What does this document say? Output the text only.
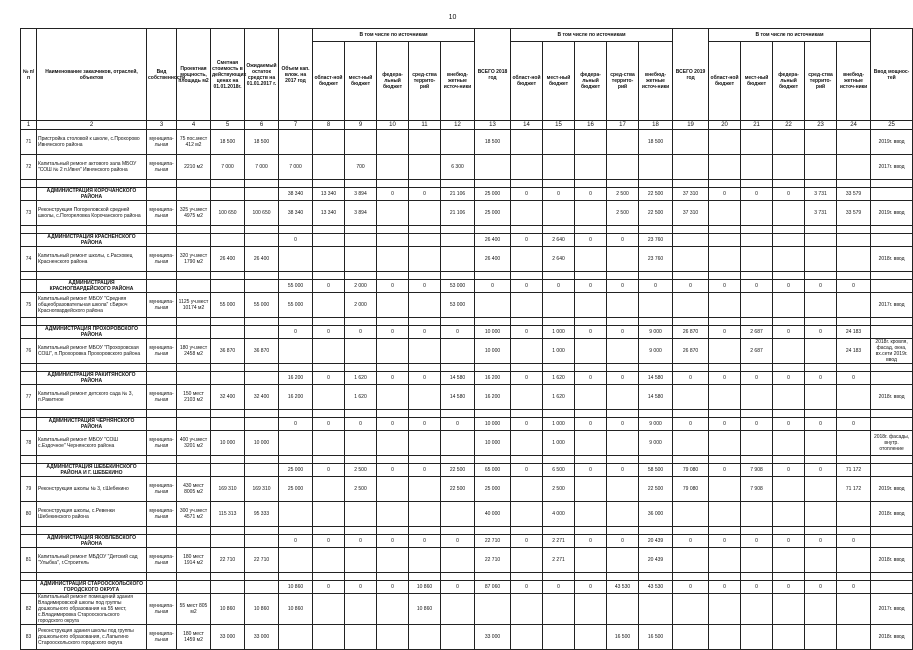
10
№ п/п	Наименование заказчиков, отраслей, объектов	Вид собственности	Проектная мощность, площадь м2	Сметная стоимость в действующих ценах на 01.01.2018г.	Ожидаемый остаток средств на 01.01.2017 г.	Объем кап. влож. на 2017 год	В том числе по источникам					ВСЕГО 2018 год	В том числе по источникам					ВСЕГО 2019 год	В том числе по источникам					Ввод мощнос-тей
							област-ной бюджет	мест-ный бюджет	федера-льный бюджет	сред-ства террито-рий	внебюд-жетные источ-ники		област-ной бюджет	мест-ный бюджет	федера-льный бюджет	сред-ства террито-рий	внебюд-жетные источ-ники		област-ной бюджет	мест-ный бюджет	федера-льный бюджет	сред-ства террито-рий	внебюд-жетные источ-ники	
1	2	3	4	5	6	7	8	9	10	11	12	13	14	15	16	17	18	19	20	21	22	23	24	25
71	Пристройка столовой к школе, с.Прохорово Ивнянского района	муниципа-льная	75 пос.мест 412 м2	18 500	18 500							18 500					18 500							2019г. ввод
72	Капитальный ремонт актового зала МБОУ "СОШ № 2 п.Ивня" Ивнянского района	муниципа-льная	2210 м2	7 000	7 000	7 000		700			6 300													2017г. ввод

	АДМИНИСТРАЦИЯ КОРОЧАНСКОГО РАЙОНА					38 340	13 340	3 894	0	0	21 106	25 000	0	0	0	2 500	22 500	37 310	0	0	0	3 731	33 579	
73	Реконструкция Погореловской средней школы, с.Погореловка Корочанского района	муниципа-льная	325 уч.мест 4975 м2	100 650	100 650	38 340	13 340	3 894			21 106	25 000				2 500	22 500	37 310				3 731	33 579	2019г. ввод

	АДМИНИСТРАЦИЯ КРАСНЕНСКОГО РАЙОНА					0						26 400	0	2 640	0	0	23 760							
74	Капитальный ремонт школы, с.Расховец Красненского района	муниципа-льная	320 уч.мест 1790 м2	26 400	26 400							26 400		2 640			23 760							2018г. ввод

	АДМИНИСТРАЦИЯ КРАСНОГВАРДЕЙСКОГО РАЙОНА					55 000	0	2 000	0	0	53 000	0	0	0	0	0	0	0	0	0	0	0	0	
75	Капитальный ремонт МБОУ "Средняя общеобразовательная школа" г.Бирюч Красногвардейского района	муниципа-льная	1125 уч.мест 10174 м2	55 000	55 000	55 000		2 000			53 000													2017г. ввод

	АДМИНИСТРАЦИЯ ПРОХОРОВСКОГО РАЙОНА					0	0	0	0	0	0	10 000	0	1 000	0	0	9 000	26 870	0	2 687	0	0	24 183	
76	Капитальный ремонт МБОУ "Прохоровская СОШ", п.Прохоровка Прохоровского района	муниципа-льная	180 уч.мест 2458 м2	36 870	36 870							10 000		1 000			9 000	26 870		2 687			24 183	2018г. кровля, фасад, окна, вх.сети 2019г. ввод

	АДМИНИСТРАЦИЯ РАКИТЯНСКОГО РАЙОНА					16 200	0	1 620	0	0	14 580	16 200	0	1 620	0	0	14 580	0	0	0	0	0	0	
77	Капитальный ремонт детского сада № 3, п.Ракитное	муниципа-льная	150 мест 2103 м2	32 400	32 400	16 200		1 620			14 580	16 200		1 620			14 580							2018г. ввод

	АДМИНИСТРАЦИЯ ЧЕРНЯНСКОГО РАЙОНА					0	0	0	0	0	0	10 000	0	1 000	0	0	9 000	0	0	0	0	0	0	
78	Капитальный ремонт МБОУ "СОШ с.Ездочное" Чернянского района	муниципа-льная	400 уч.мест 3201 м2	10 000	10 000							10 000		1 000			9 000							2018г. фасады, внутр. отопление

	АДМИНИСТРАЦИЯ ШЕБЕКИНСКОГО РАЙОНА И Г. ШЕБЕКИНО					25 000	0	2 500	0	0	22 500	65 000	0	6 500	0	0	58 500	79 080	0	7 908	0	0	71 172	
79	Реконструкция школы № 3, г.Шебекино	муниципа-льная	430 мест 8005 м2	169 310	169 310	25 000		2 500			22 500	25 000		2 500			22 500	79 080		7 908			71 172	2019г. ввод
80	Реконструкция школы, с.Ревенки Шебекинского района	муниципа-льная	300 уч.мест 4571 м2	115 313	95 333							40 000		4 000			36 000							2018г. ввод

	АДМИНИСТРАЦИЯ ЯКОВЛЕВСКОГО РАЙОНА					0	0	0	0	0	0	22 710	0	2 271	0	0	20 439	0	0	0	0	0	0	
81	Капитальный ремонт МБДОУ "Детский сад "Улыбка", г.Строитель	муниципа-льная	180 мест 1914 м2	22 710	22 710							22 710		2 271			20 439							2018г. ввод

	АДМИНИСТРАЦИЯ СТАРООСКОЛЬСКОГО ГОРОДСКОГО ОКРУГА					10 860	0	0	0	10 860	0	87 060	0	0	0	43 530	43 530	0	0	0	0	0	0	
82	Капитальный ремонт помещений здания Владимировской школы под группы дошкольного образования на 55 мест, с.Владимировка Старооскольского городского округа	муниципа-льная	55 мест 805 м2	10 860	10 860	10 860				10 860														2017г. ввод
83	Реконструкция здания школы под группы дошкольного образования, с.Лапыгино Старооскольского городского округа	муниципа-льная	180 мест 1459 м2	33 000	33 000							33 000				16 500	16 500							2018г. ввод
